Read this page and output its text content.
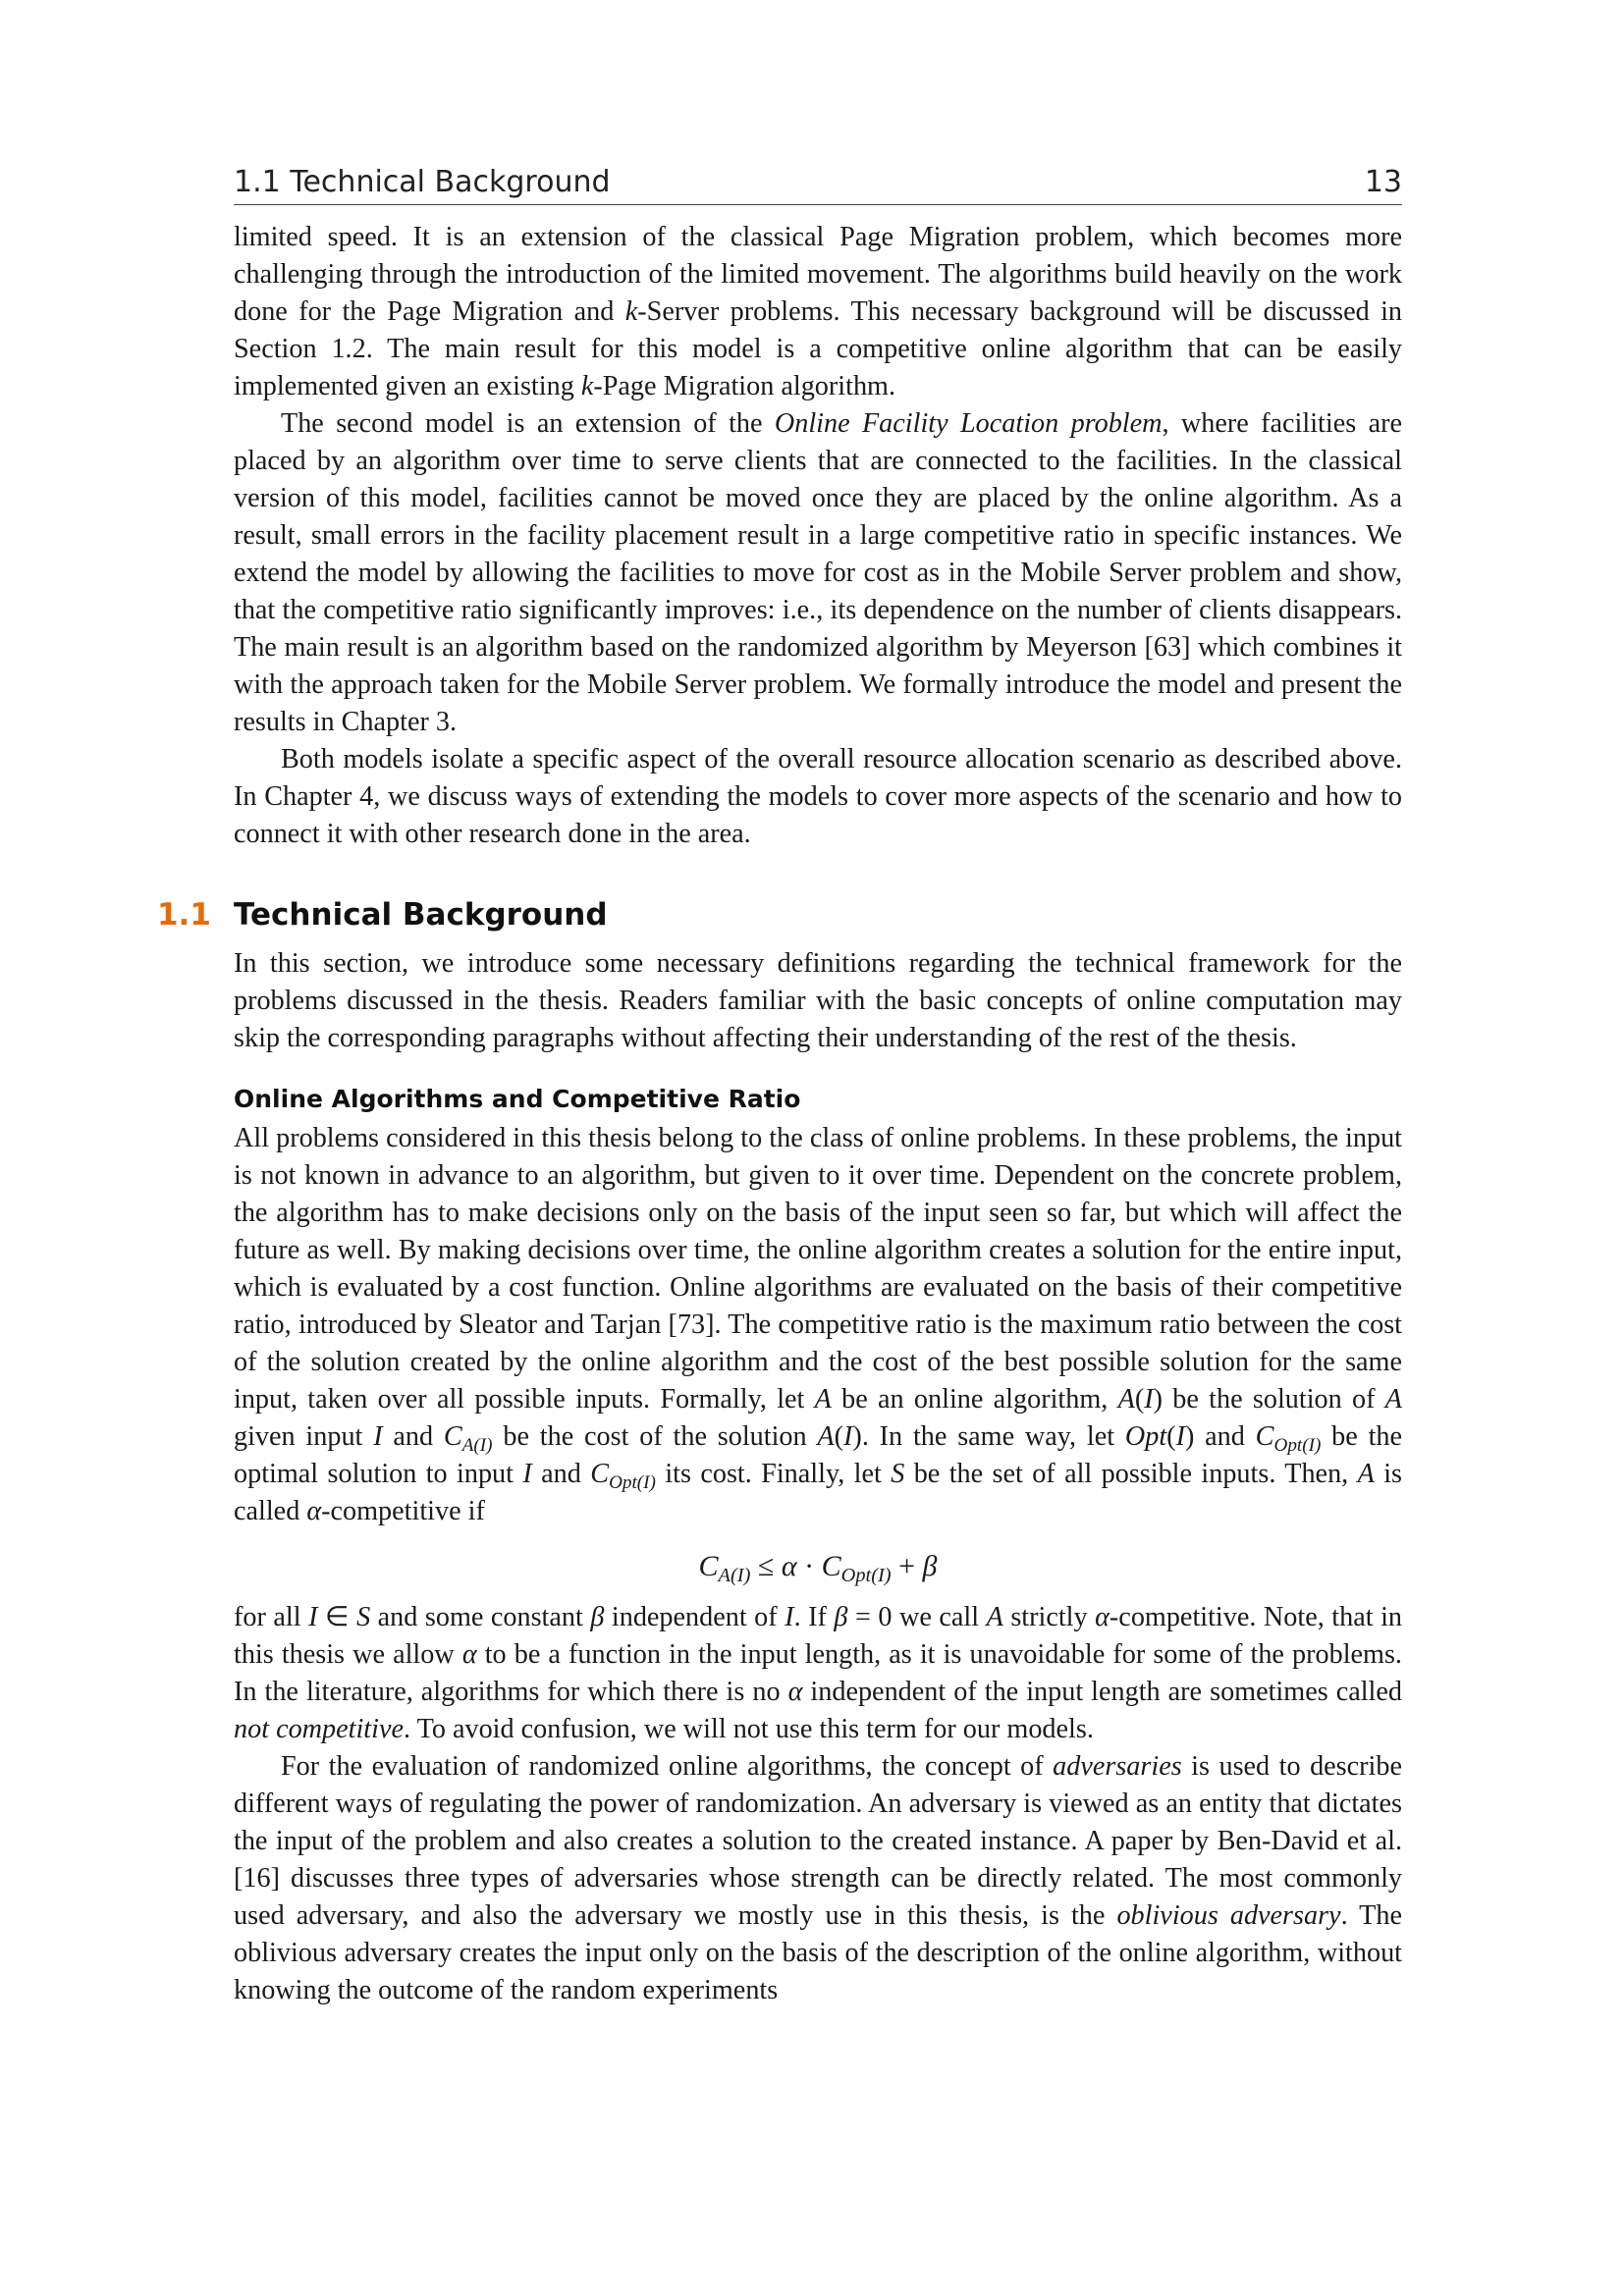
1.1 Technical Background	13

limited speed. It is an extension of the classical Page Migration problem, which becomes more challenging through the introduction of the limited movement. The algorithms build heavily on the work done for the Page Migration and k-Server problems. This necessary background will be discussed in Section 1.2. The main result for this model is a competitive online algorithm that can be easily implemented given an existing k-Page Migration algorithm.

The second model is an extension of the Online Facility Location problem, where facilities are placed by an algorithm over time to serve clients that are connected to the facilities. In the classical version of this model, facilities cannot be moved once they are placed by the online algorithm. As a result, small errors in the facility placement result in a large competitive ratio in specific instances. We extend the model by allowing the facilities to move for cost as in the Mobile Server problem and show, that the competitive ratio significantly improves: i.e., its dependence on the number of clients disappears. The main result is an algorithm based on the randomized algorithm by Meyerson [63] which combines it with the approach taken for the Mobile Server problem. We formally introduce the model and present the results in Chapter 3.

Both models isolate a specific aspect of the overall resource allocation scenario as described above. In Chapter 4, we discuss ways of extending the models to cover more aspects of the scenario and how to connect it with other research done in the area.

1.1 Technical Background

In this section, we introduce some necessary definitions regarding the technical framework for the problems discussed in the thesis. Readers familiar with the basic concepts of online computation may skip the corresponding paragraphs without affecting their understanding of the rest of the thesis.

Online Algorithms and Competitive Ratio

All problems considered in this thesis belong to the class of online problems. In these problems, the input is not known in advance to an algorithm, but given to it over time. Dependent on the concrete problem, the algorithm has to make decisions only on the basis of the input seen so far, but which will affect the future as well. By making decisions over time, the online algorithm creates a solution for the entire input, which is evaluated by a cost function. Online algorithms are evaluated on the basis of their competitive ratio, introduced by Sleator and Tarjan [73]. The competitive ratio is the maximum ratio between the cost of the solution created by the online algorithm and the cost of the best possible solution for the same input, taken over all possible inputs. Formally, let A be an online algorithm, A(I) be the solution of A given input I and $C_{A(I)}$ be the cost of the solution A(I). In the same way, let Opt(I) and $C_{Opt(I)}$ be the optimal solution to input I and $C_{Opt(I)}$ its cost. Finally, let S be the set of all possible inputs. Then, A is called α-competitive if

$C_{A(I)} \le \alpha \cdot C_{Opt(I)} + \beta$

for all I ∈ S and some constant β independent of I. If β = 0 we call A strictly α-competitive. Note, that in this thesis we allow α to be a function in the input length, as it is unavoidable for some of the problems. In the literature, algorithms for which there is no α independent of the input length are sometimes called not competitive. To avoid confusion, we will not use this term for our models.

For the evaluation of randomized online algorithms, the concept of adversaries is used to describe different ways of regulating the power of randomization. An adversary is viewed as an entity that dictates the input of the problem and also creates a solution to the created instance. A paper by Ben-David et al. [16] discusses three types of adversaries whose strength can be directly related. The most commonly used adversary, and also the adversary we mostly use in this thesis, is the oblivious adversary. The oblivious adversary creates the input only on the basis of the description of the online algorithm, without knowing the outcome of the random experiments
